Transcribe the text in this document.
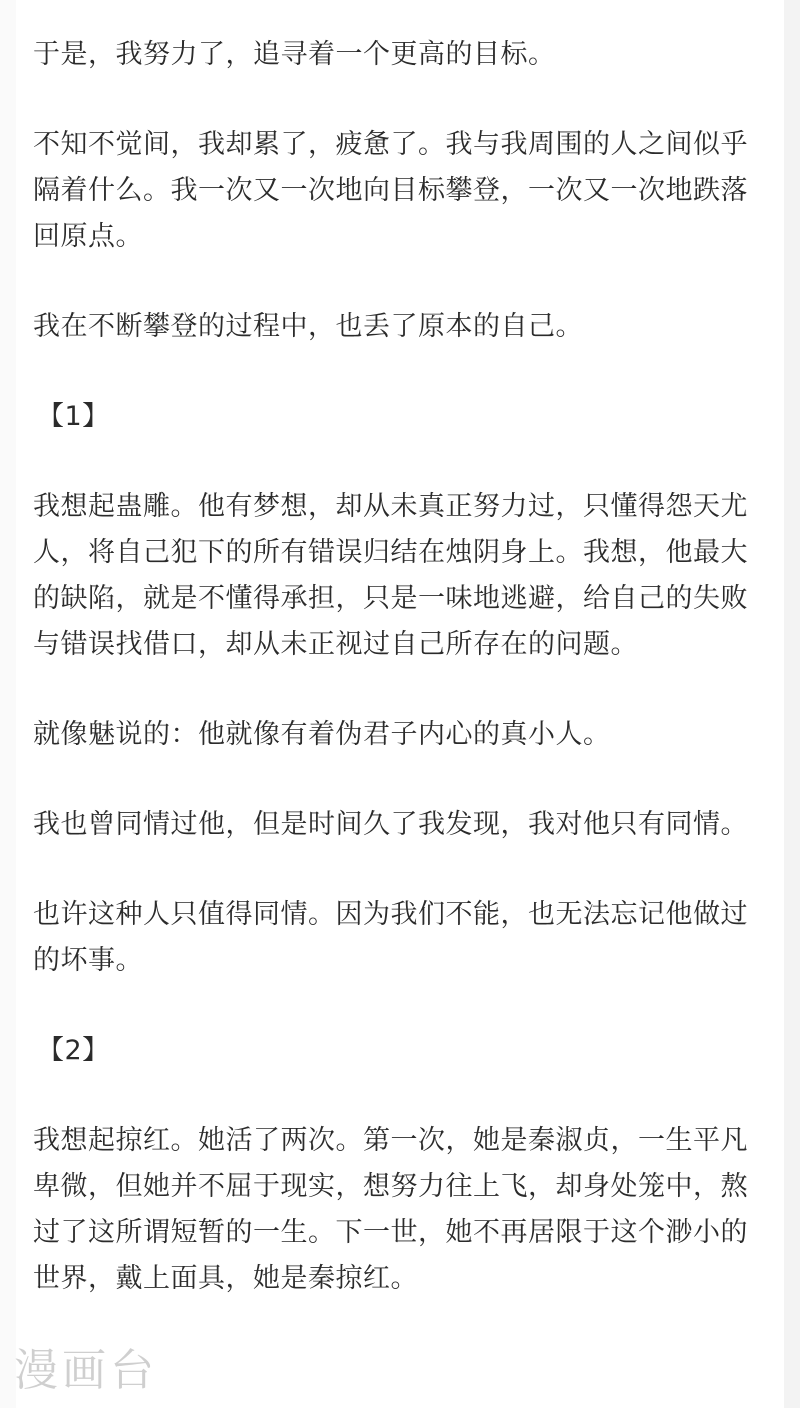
于是，我努力了，追寻着一个更高的目标。

不知不觉间，我却累了，疲惫了。我与我周围的人之间似乎隔着什么。我一次又一次地向目标攀登，一次又一次地跌落回原点。

我在不断攀登的过程中，也丢了原本的自己。

【1】

我想起蛊雕。他有梦想，却从未真正努力过，只懂得怨天尤人，将自己犯下的所有错误归结在烛阴身上。我想，他最大的缺陷，就是不懂得承担，只是一味地逃避，给自己的失败与错误找借口，却从未正视过自己所存在的问题。

就像魅说的：他就像有着伪君子内心的真小人。

我也曾同情过他，但是时间久了我发现，我对他只有同情。

也许这种人只值得同情。因为我们不能，也无法忘记他做过的坏事。

【2】

我想起掠红。她活了两次。第一次，她是秦淑贞，一生平凡卑微，但她并不屈于现实，想努力往上飞，却身处笼中，熬过了这所谓短暂的一生。下一世，她不再居限于这个渺小的世界，戴上面具，她是秦掠红。

漫画台
